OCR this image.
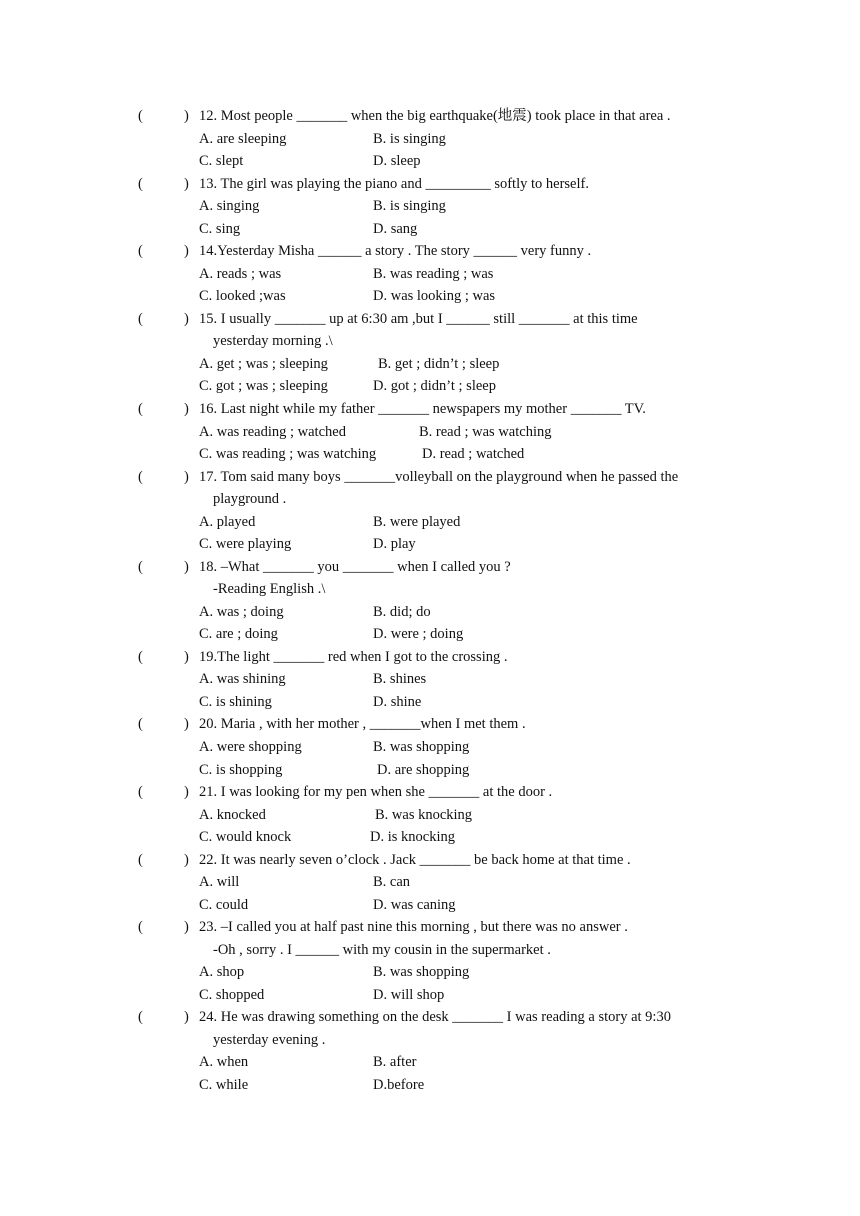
(	) 12. Most people _______ when the big earthquake(地震) took place in that area .
A. are sleeping	B. is singing
C. slept	D. sleep
(	) 13. The girl was playing the piano and _________ softly to herself.
A. singing	B. is singing
C. sing	D. sang
(	) 14.Yesterday Misha ______ a story . The story ______ very funny .
A. reads ; was	B. was reading ; was
C. looked ;was	D. was looking ; was
(	) 15. I usually _______ up at 6:30 am ,but I ______ still _______ at this time
yesterday morning .\
A. get ; was ; sleeping	B. get ; didn’t ; sleep
C. got ; was ; sleeping	D. got ; didn’t ; sleep
(	) 16. Last night while my father _______ newspapers my mother _______ TV.
A. was reading ; watched	B. read ; was watching
C. was reading ; was watching	D. read ; watched
(	) 17. Tom said many boys _______volleyball on the playground when he passed the
playground .
A. played	B. were played
C. were playing	D. play
(	) 18. –What _______ you _______ when I called you ?
-Reading English .\
A. was ; doing	B. did; do
C. are ; doing	D. were ; doing
(	) 19.The light _______ red when I got to the crossing .
A. was shining	B. shines
C. is shining	D. shine
(	) 20. Maria , with her mother , _______when I met them .
A. were shopping	B. was shopping
C. is shopping	D. are shopping
(	) 21. I was looking for my pen when she _______ at the door .
A. knocked	B. was knocking
C. would knock	D. is knocking
(	) 22. It was nearly seven o’clock . Jack _______ be back home at that time .
A. will	B. can
C. could	D. was caning
(	) 23. –I called you at half past nine this morning , but there was no answer .
-Oh , sorry . I ______ with my cousin in the supermarket .
A. shop	B. was shopping
C. shopped	D. will shop
(	) 24. He was drawing something on the desk _______ I was reading a story at 9:30
yesterday evening .
A. when	B. after
C. while	D.before
